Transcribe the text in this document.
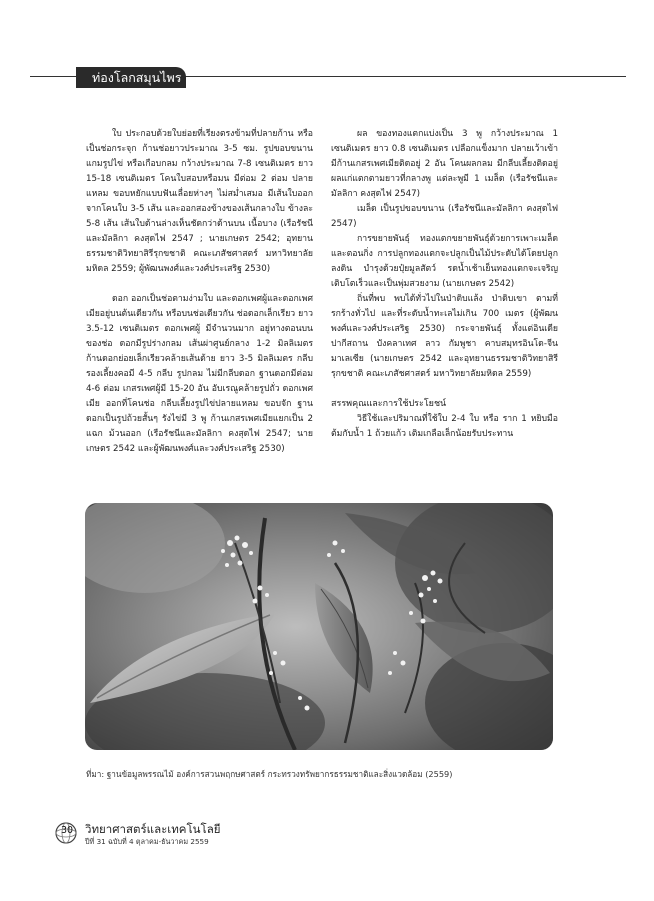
ท่องโลกสมุนไพร

ใบ ประกอบด้วยใบย่อยที่เรียงตรงข้ามที่ปลายก้าน หรือเป็นช่อกระจุก ก้านช่อยาวประมาณ 3-5 ซม. รูปขอบขนานแกมรูปไข่ หรือเกือบกลม กว้างประมาณ 7-8 เซนติเมตร ยาว 15-18 เซนติเมตร โคนใบสอบหรือมน มีต่อม 2 ต่อม ปลายแหลม ขอบหยักแบบฟันเลื่อยห่างๆ ไม่สม่ำเสมอ มีเส้นใบออกจากโคนใบ 3-5 เส้น และออกสองข้างของเส้นกลางใบ ข้างละ 5-8 เส้น เส้นใบด้านล่างเห็นชัดกว่าด้านบน เนื้อบาง (เรือรัชนีและมัลลิกา คงสุดไฟ 2547 ; นายเกษตร 2542; อุทยานธรรมชาติวิทยาสิรีรุกขชาติ คณะเภสัชศาสตร์ มหาวิทยาลัยมหิดล 2559; ผู้พัฒนพงศ์และวงศ์ประเสริฐ 2530)

ดอก ออกเป็นช่อตามง่ามใบ และตอกเพศผู้และดอกเพศเมียอยู่บนต้นเดียวกัน หรือบนช่อเดียวกัน ช่อดอกเล็กเรียว ยาว 3.5-12 เซนติเมตร ดอกเพศผู้ มีจำนวนมาก อยู่ทางตอนบนของช่อ ดอกมีรูปร่างกลม เส้นผ่าศูนย์กลาง 1-2 มิลลิเมตร ก้านดอกย่อยเล็กเรียวคล้ายเส้นด้าย ยาว 3-5 มิลลิเมตร กลีบรองเลี้ยงคอมี 4-5 กลีบ รูปกลม ไม่มีกลีบดอก ฐานดอกมีต่อม 4-6 ต่อม เกสรเพศผู้มี 15-20 อัน อับเรณูคล้ายรูปถั่ว ดอกเพศเมีย ออกที่โคนช่อ กลีบเลี้ยงรูปไข่ปลายแหลม ขอบจัก ฐานดอกเป็นรูปถ้วยสั้นๆ รังไข่มี 3 พู ก้านเกสรเพศเมียแยกเป็น 2 แฉก ม้วนออก (เรือรัชนีและมัลลิกา คงสุดไฟ 2547; นายเกษตร 2542 และผู้พัฒนพงศ์และวงศ์ประเสริฐ 2530)

ผล ของทองแตกแบ่งเป็น 3 พู กว้างประมาณ 1 เซนติเมตร ยาว 0.8 เซนติเมตร เปลือกแข็งมาก ปลายเว้าเข้ามีก้านเกสรเพศเมียติดอยู่ 2 อัน โคนผลกลม มีกลีบเลี้ยงติดอยู่ ผลแก่แตกตามยาวที่กลางพู แต่ละพูมี 1 เมล็ด (เรือรัชนีและมัลลิกา คงสุดไฟ 2547)

เมล็ด เป็นรูปขอบขนาน (เรือรัชนีและมัลลิกา คงสุดไฟ 2547)

การขยายพันธุ์ ทองแตกขยายพันธุ์ด้วยการเพาะเมล็ดและตอนกิ่ง การปลูกทองแตกจะปลูกเป็นไม้ประดับได้โดยปลูกลงดิน บำรุงด้วยปุ๋ยมูลสัตว์ รดน้ำเช้าเย็นทองแตกจะเจริญเติบโตเร็วและเป็นพุ่มสวยงาม (นายเกษตร 2542)

ถิ่นที่พบ พบได้ทั่วไปในป่าดิบแล้ง ป่าดิบเขา ตามที่รกร้างทั่วไป และที่ระดับน้ำทะเลไม่เกิน 700 เมตร (ผู้พัฒนพงศ์และวงศ์ประเสริฐ 2530) กระจายพันธุ์ ทั้งแต่อินเดีย ปากีสถาน บังคลาเทศ ลาว กัมพูชา คาบสมุทรอินโด-จีน มาเลเซีย (นายเกษตร 2542 และอุทยานธรรมชาติวิทยาสิรีรุกขชาติ คณะเภสัชศาสตร์ มหาวิทยาลัยมหิดล 2559)

สรรพคุณและการใช้ประโยชน์

วิธีใช้และปริมาณที่ใช้ใบ 2-4 ใบ หรือ ราก 1 หยิบมือต้มกับน้ำ 1 ถ้วยแก้ว เติมเกลือเล็กน้อยรับประทาน

ที่มา: ฐานข้อมูลพรรณไม้ องค์การสวนพฤกษศาสตร์ กระทรวงทรัพยากรธรรมชาติและสิ่งแวดล้อม (2559)
30 วิทยาศาสตร์และเทคโนโลยี
ปีที่ 31 ฉบับที่ 4 ตุลาคม-ธันวาคม 2559
